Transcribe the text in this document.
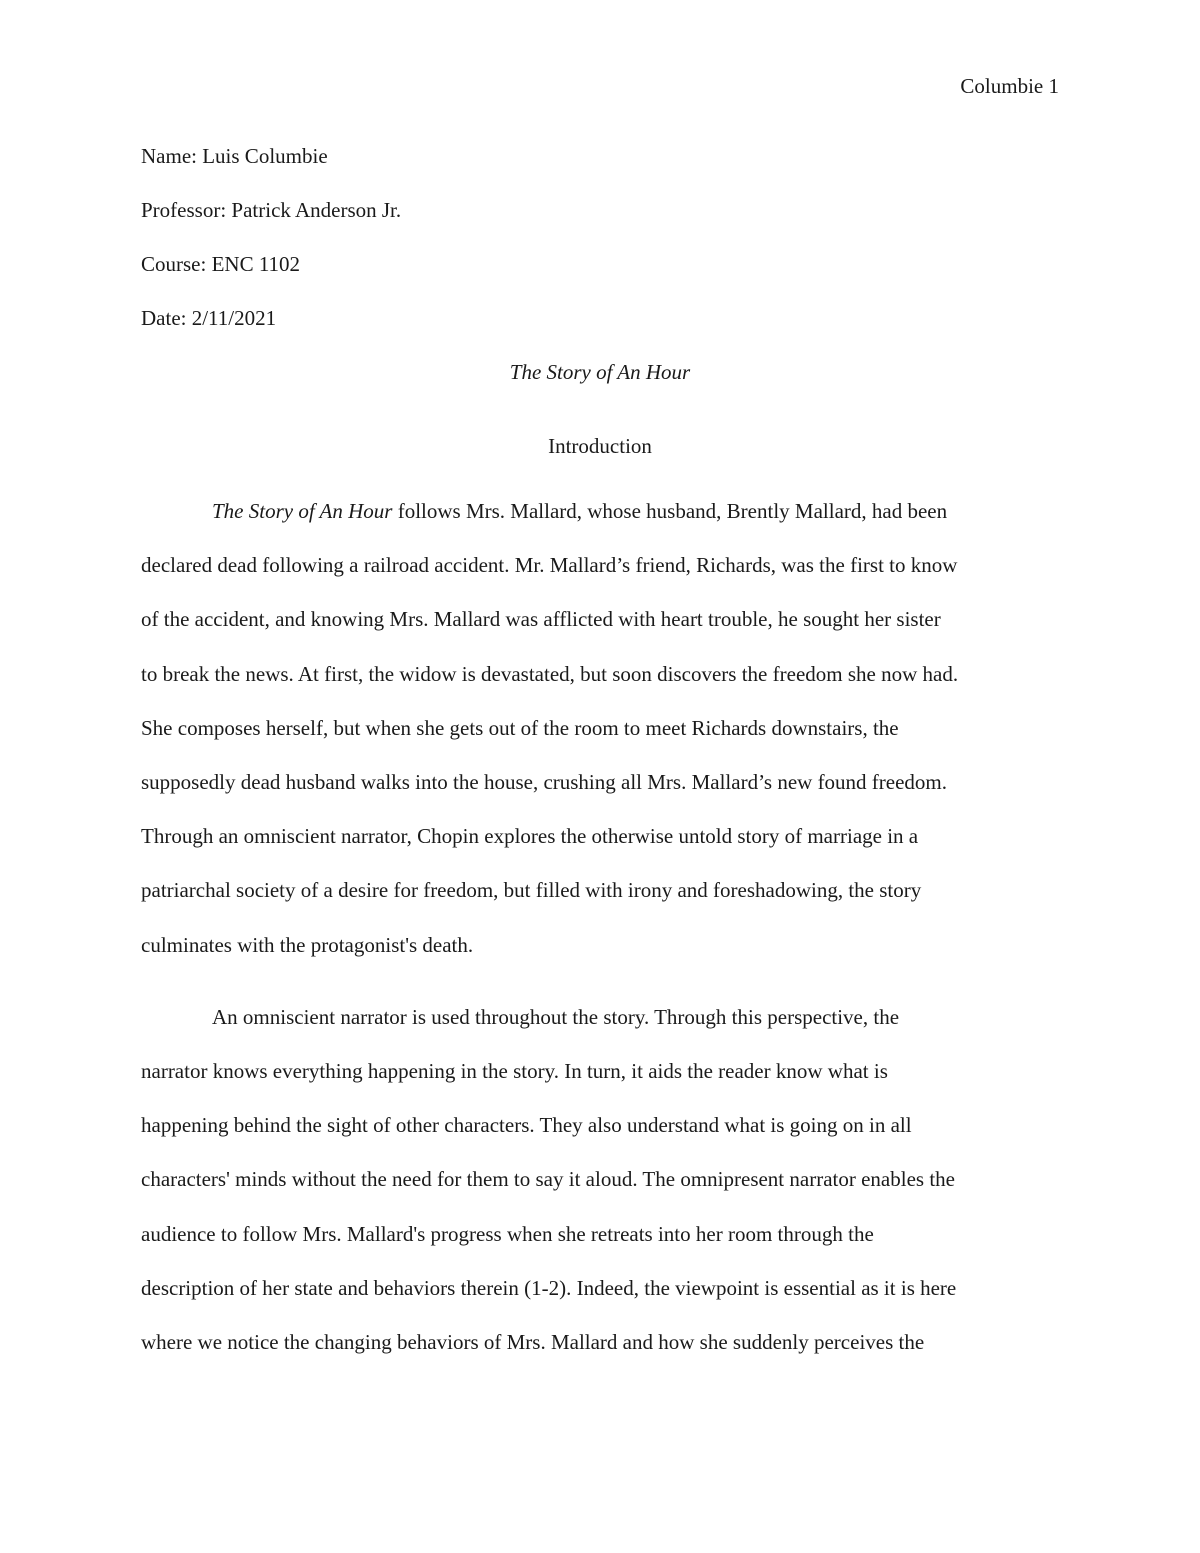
Columbie 1
Name: Luis Columbie
Professor: Patrick Anderson Jr.
Course: ENC 1102
Date: 2/11/2021
The Story of An Hour
Introduction
The Story of An Hour follows Mrs. Mallard, whose husband, Brently Mallard, had been
declared dead following a railroad accident. Mr. Mallard’s friend, Richards, was the first to know
of the accident, and knowing Mrs. Mallard was afflicted with heart trouble, he sought her sister
to break the news. At first, the widow is devastated, but soon discovers the freedom she now had.
She composes herself, but when she gets out of the room to meet Richards downstairs, the
supposedly dead husband walks into the house, crushing all Mrs. Mallard’s new found freedom.
Through an omniscient narrator, Chopin explores the otherwise untold story of marriage in a
patriarchal society of a desire for freedom, but filled with irony and foreshadowing, the story
culminates with the protagonist's death.
An omniscient narrator is used throughout the story. Through this perspective, the
narrator knows everything happening in the story. In turn, it aids the reader know what is
happening behind the sight of other characters. They also understand what is going on in all
characters' minds without the need for them to say it aloud. The omnipresent narrator enables the
audience to follow Mrs. Mallard's progress when she retreats into her room through the
description of her state and behaviors therein (1-2). Indeed, the viewpoint is essential as it is here
where we notice the changing behaviors of Mrs. Mallard and how she suddenly perceives the
